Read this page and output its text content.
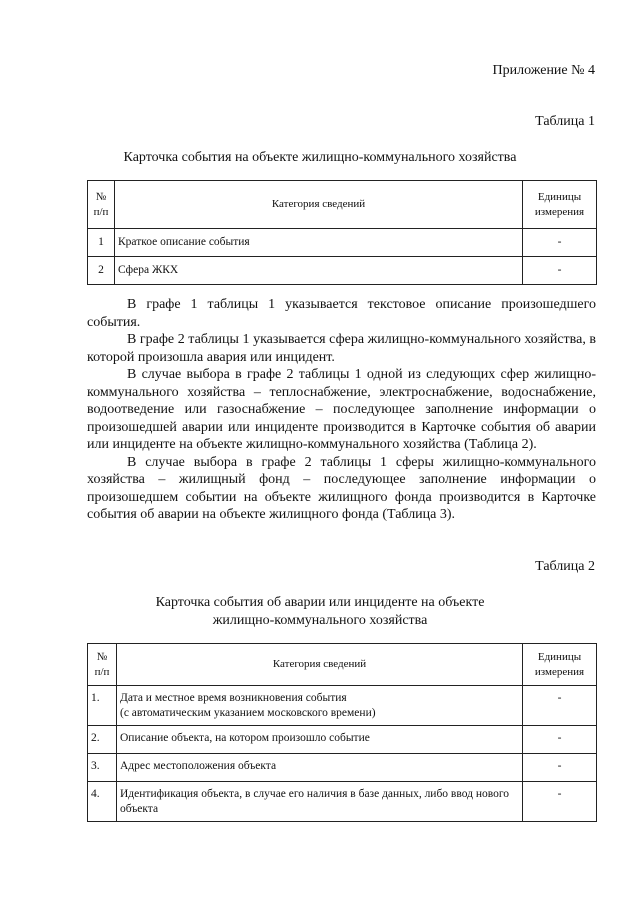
Приложение № 4
Таблица 1
Карточка события на объекте жилищно-коммунального хозяйства
№
п/п	Категория сведений	Единицы
измерения
1	Краткое описание события	-
2	Сфера ЖКХ	-

В графе 1 таблицы 1 указывается текстовое описание произошедшего события.

В графе 2 таблицы 1 указывается сфера жилищно-коммунального хозяйства, в которой произошла авария или инцидент.

В случае выбора в графе 2 таблицы 1 одной из следующих сфер жилищно-коммунального хозяйства – теплоснабжение, электроснабжение, водоснабжение, водоотведение или газоснабжение – последующее заполнение информации о произошедшей аварии или инциденте производится в Карточке события об аварии или инциденте на объекте жилищно-коммунального хозяйства (Таблица 2).

В случае выбора в графе 2 таблицы 1 сферы жилищно-коммунального хозяйства – жилищный фонд – последующее заполнение информации о произошедшем событии на объекте жилищного фонда производится в Карточке события об аварии на объекте жилищного фонда (Таблица 3).

Таблица 2
Карточка события об аварии или инциденте на объекте
жилищно-коммунального хозяйства
№
п/п	Категория сведений	Единицы
измерения
1.	Дата и местное время возникновения события
(с автоматическим указанием московского времени)	-
2.	Описание объекта, на котором произошло событие	-
3.	Адрес местоположения объекта	-
4.	Идентификация объекта, в случае его наличия в базе данных, либо ввод нового объекта	-
